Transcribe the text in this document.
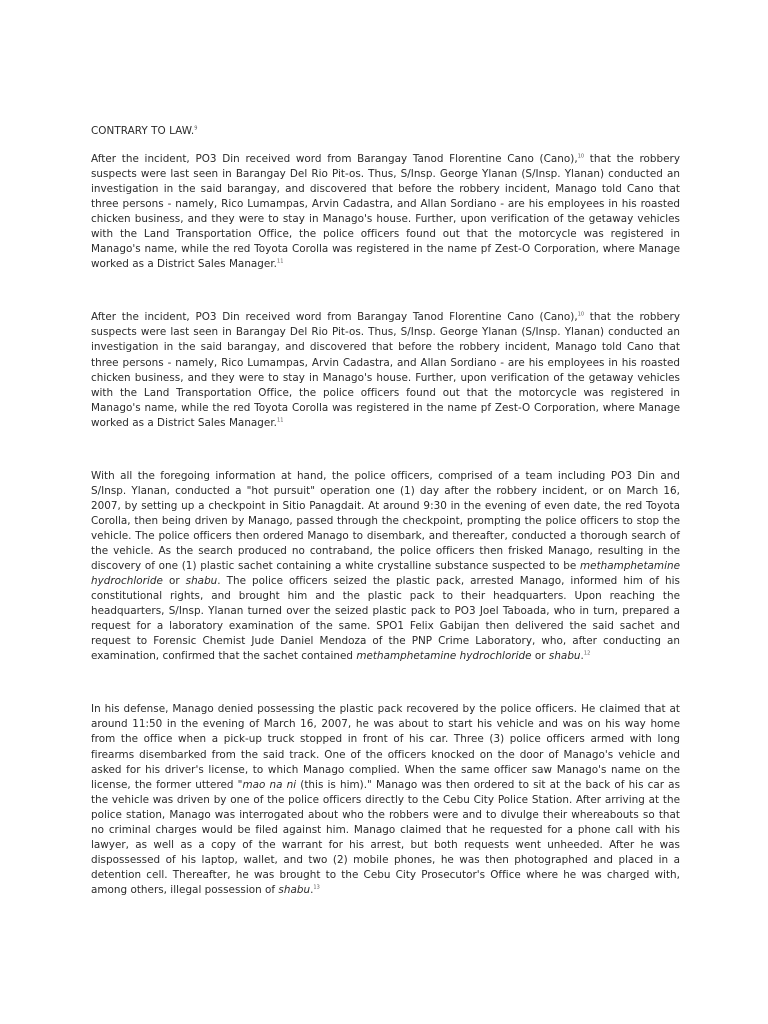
CONTRARY TO LAW.$^9$

After the incident, PO3 Din received word from Barangay Tanod Florentine Cano (Cano),$^{10}$ that the robbery suspects were last seen in Barangay Del Rio Pit-os. Thus, S/Insp. George Ylanan (S/Insp. Ylanan) conducted an investigation in the said barangay, and discovered that before the robbery incident, Manago told Cano that three persons - namely, Rico Lumampas, Arvin Cadastra, and Allan Sordiano - are his employees in his roasted chicken business, and they were to stay in Manago's house. Further, upon verification of the getaway vehicles with the Land Transportation Office, the police officers found out that the motorcycle was registered in Manago's name, while the red Toyota Corolla was registered in the name pf Zest-O Corporation, where Manage worked as a District Sales Manager.$^{11}$

After the incident, PO3 Din received word from Barangay Tanod Florentine Cano (Cano),$^{10}$ that the robbery suspects were last seen in Barangay Del Rio Pit-os. Thus, S/Insp. George Ylanan (S/Insp. Ylanan) conducted an investigation in the said barangay, and discovered that before the robbery incident, Manago told Cano that three persons - namely, Rico Lumampas, Arvin Cadastra, and Allan Sordiano - are his employees in his roasted chicken business, and they were to stay in Manago's house. Further, upon verification of the getaway vehicles with the Land Transportation Office, the police officers found out that the motorcycle was registered in Manago's name, while the red Toyota Corolla was registered in the name pf Zest-O Corporation, where Manage worked as a District Sales Manager.$^{11}$

With all the foregoing information at hand, the police officers, comprised of a team including PO3 Din and S/Insp. Ylanan, conducted a "hot pursuit" operation one (1) day after the robbery incident, or on March 16, 2007, by setting up a checkpoint in Sitio Panagdait. At around 9:30 in the evening of even date, the red Toyota Corolla, then being driven by Manago, passed through the checkpoint, prompting the police officers to stop the vehicle. The police officers then ordered Manago to disembark, and thereafter, conducted a thorough search of the vehicle. As the search produced no contraband, the police officers then frisked Manago, resulting in the discovery of one (1) plastic sachet containing a white crystalline substance suspected to be methamphetamine hydrochloride or shabu. The police officers seized the plastic pack, arrested Manago, informed him of his constitutional rights, and brought him and the plastic pack to their headquarters. Upon reaching the headquarters, S/Insp. Ylanan turned over the seized plastic pack to PO3 Joel Taboada, who in turn, prepared a request for a laboratory examination of the same. SPO1 Felix Gabijan then delivered the said sachet and request to Forensic Chemist Jude Daniel Mendoza of the PNP Crime Laboratory, who, after conducting an examination, confirmed that the sachet contained methamphetamine hydrochloride or shabu.$^{12}$

In his defense, Manago denied possessing the plastic pack recovered by the police officers. He claimed that at around 11:50 in the evening of March 16, 2007, he was about to start his vehicle and was on his way home from the office when a pick-up truck stopped in front of his car. Three (3) police officers armed with long firearms disembarked from the said track. One of the officers knocked on the door of Manago's vehicle and asked for his driver's license, to which Manago complied. When the same officer saw Manago's name on the license, the former uttered "mao na ni (this is him)." Manago was then ordered to sit at the back of his car as the vehicle was driven by one of the police officers directly to the Cebu City Police Station. After arriving at the police station, Manago was interrogated about who the robbers were and to divulge their whereabouts so that no criminal charges would be filed against him. Manago claimed that he requested for a phone call with his lawyer, as well as a copy of the warrant for his arrest, but both requests went unheeded. After he was dispossessed of his laptop, wallet, and two (2) mobile phones, he was then photographed and placed in a detention cell. Thereafter, he was brought to the Cebu City Prosecutor's Office where he was charged with, among others, illegal possession of shabu.$^{13}$
